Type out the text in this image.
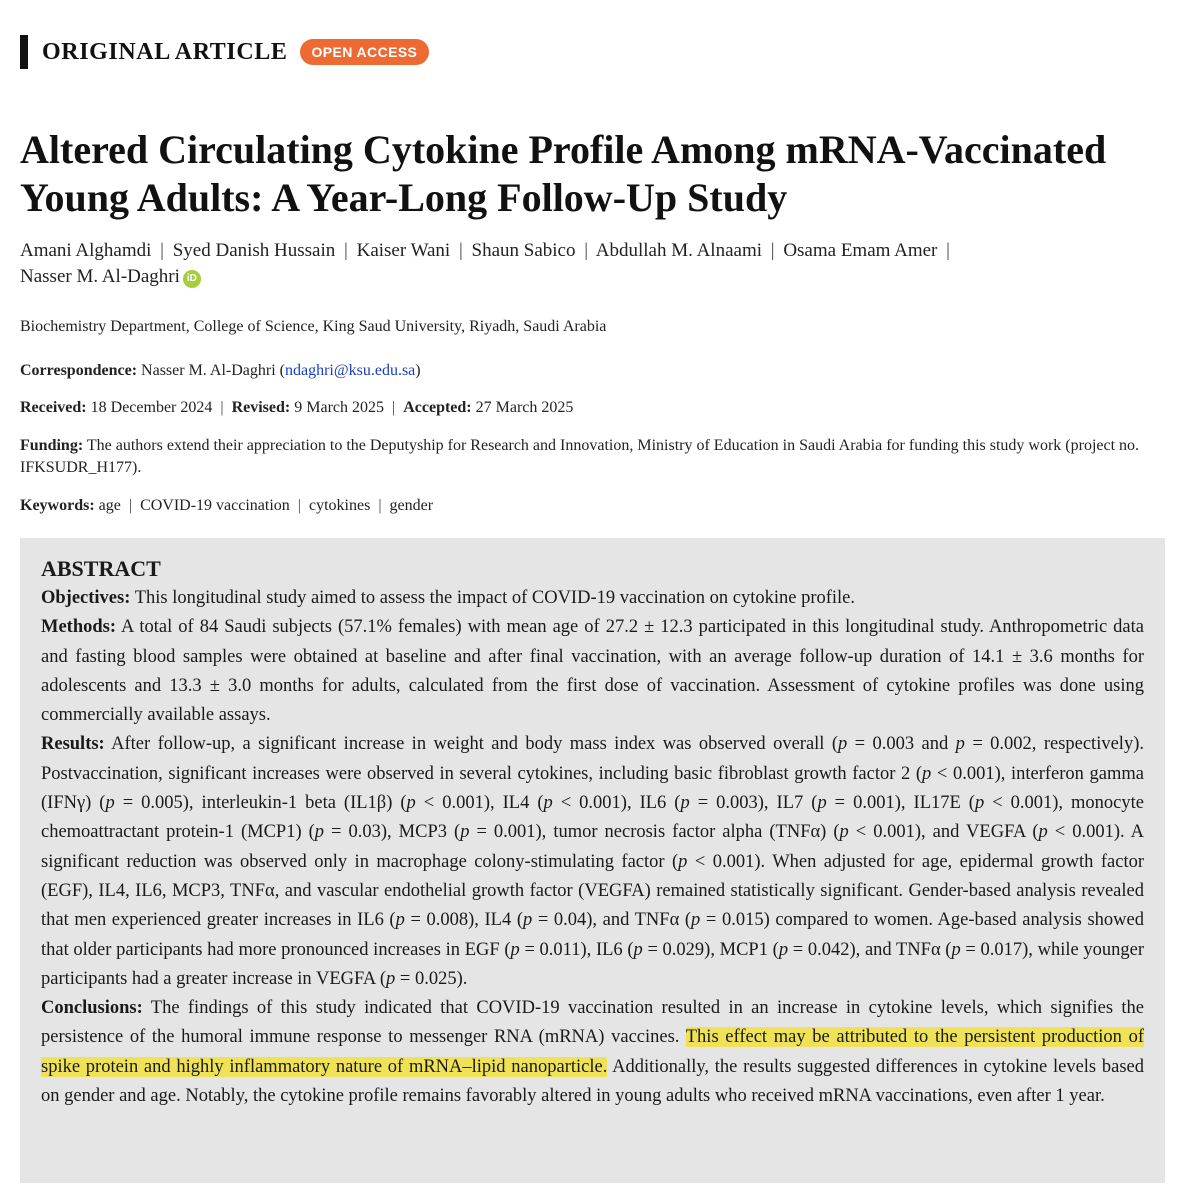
ORIGINAL ARTICLE	OPEN ACCESS
Altered Circulating Cytokine Profile Among mRNA-Vaccinated Young Adults: A Year-Long Follow-Up Study
Amani Alghamdi | Syed Danish Hussain | Kaiser Wani | Shaun Sabico | Abdullah M. Alnaami | Osama Emam Amer |
Nasser M. Al-Daghri iD
Biochemistry Department, College of Science, King Saud University, Riyadh, Saudi Arabia
Correspondence: Nasser M. Al-Daghri (ndaghri@ksu.edu.sa)
Received: 18 December 2024 | Revised: 9 March 2025 | Accepted: 27 March 2025
Funding: The authors extend their appreciation to the Deputyship for Research and Innovation, Ministry of Education in Saudi Arabia for funding this study work (project no. IFKSUDR_H177).
Keywords: age | COVID-19 vaccination | cytokines | gender
ABSTRACT

Objectives: This longitudinal study aimed to assess the impact of COVID-19 vaccination on cytokine profile.

Methods: A total of 84 Saudi subjects (57.1% females) with mean age of 27.2 ± 12.3 participated in this longitudinal study. Anthropometric data and fasting blood samples were obtained at baseline and after final vaccination, with an average follow-up duration of 14.1 ± 3.6 months for adolescents and 13.3 ± 3.0 months for adults, calculated from the first dose of vaccination. Assessment of cytokine profiles was done using commercially available assays.

Results: After follow-up, a significant increase in weight and body mass index was observed overall (p = 0.003 and p = 0.002, respectively). Postvaccination, significant increases were observed in several cytokines, including basic fibroblast growth factor 2 (p < 0.001), interferon gamma (IFNγ) (p = 0.005), interleukin-1 beta (IL1β) (p < 0.001), IL4 (p < 0.001), IL6 (p = 0.003), IL7 (p = 0.001), IL17E (p < 0.001), monocyte chemoattractant protein-1 (MCP1) (p = 0.03), MCP3 (p = 0.001), tumor necrosis factor alpha (TNFα) (p < 0.001), and VEGFA (p < 0.001). A significant reduction was observed only in macrophage colony-stimulating factor (p < 0.001). When adjusted for age, epidermal growth factor (EGF), IL4, IL6, MCP3, TNFα, and vascular endothelial growth factor (VEGFA) remained statistically significant. Gender-based analysis revealed that men experienced greater increases in IL6 (p = 0.008), IL4 (p = 0.04), and TNFα (p = 0.015) compared to women. Age-based analysis showed that older participants had more pronounced increases in EGF (p = 0.011), IL6 (p = 0.029), MCP1 (p = 0.042), and TNFα (p = 0.017), while younger participants had a greater increase in VEGFA (p = 0.025).

Conclusions: The findings of this study indicated that COVID-19 vaccination resulted in an increase in cytokine levels, which signifies the persistence of the humoral immune response to messenger RNA (mRNA) vaccines. This effect may be attributed to the persistent production of spike protein and highly inflammatory nature of mRNA–lipid nanoparticle. Additionally, the results suggested differences in cytokine levels based on gender and age. Notably, the cytokine profile remains favorably altered in young adults who received mRNA vaccinations, even after 1 year.
